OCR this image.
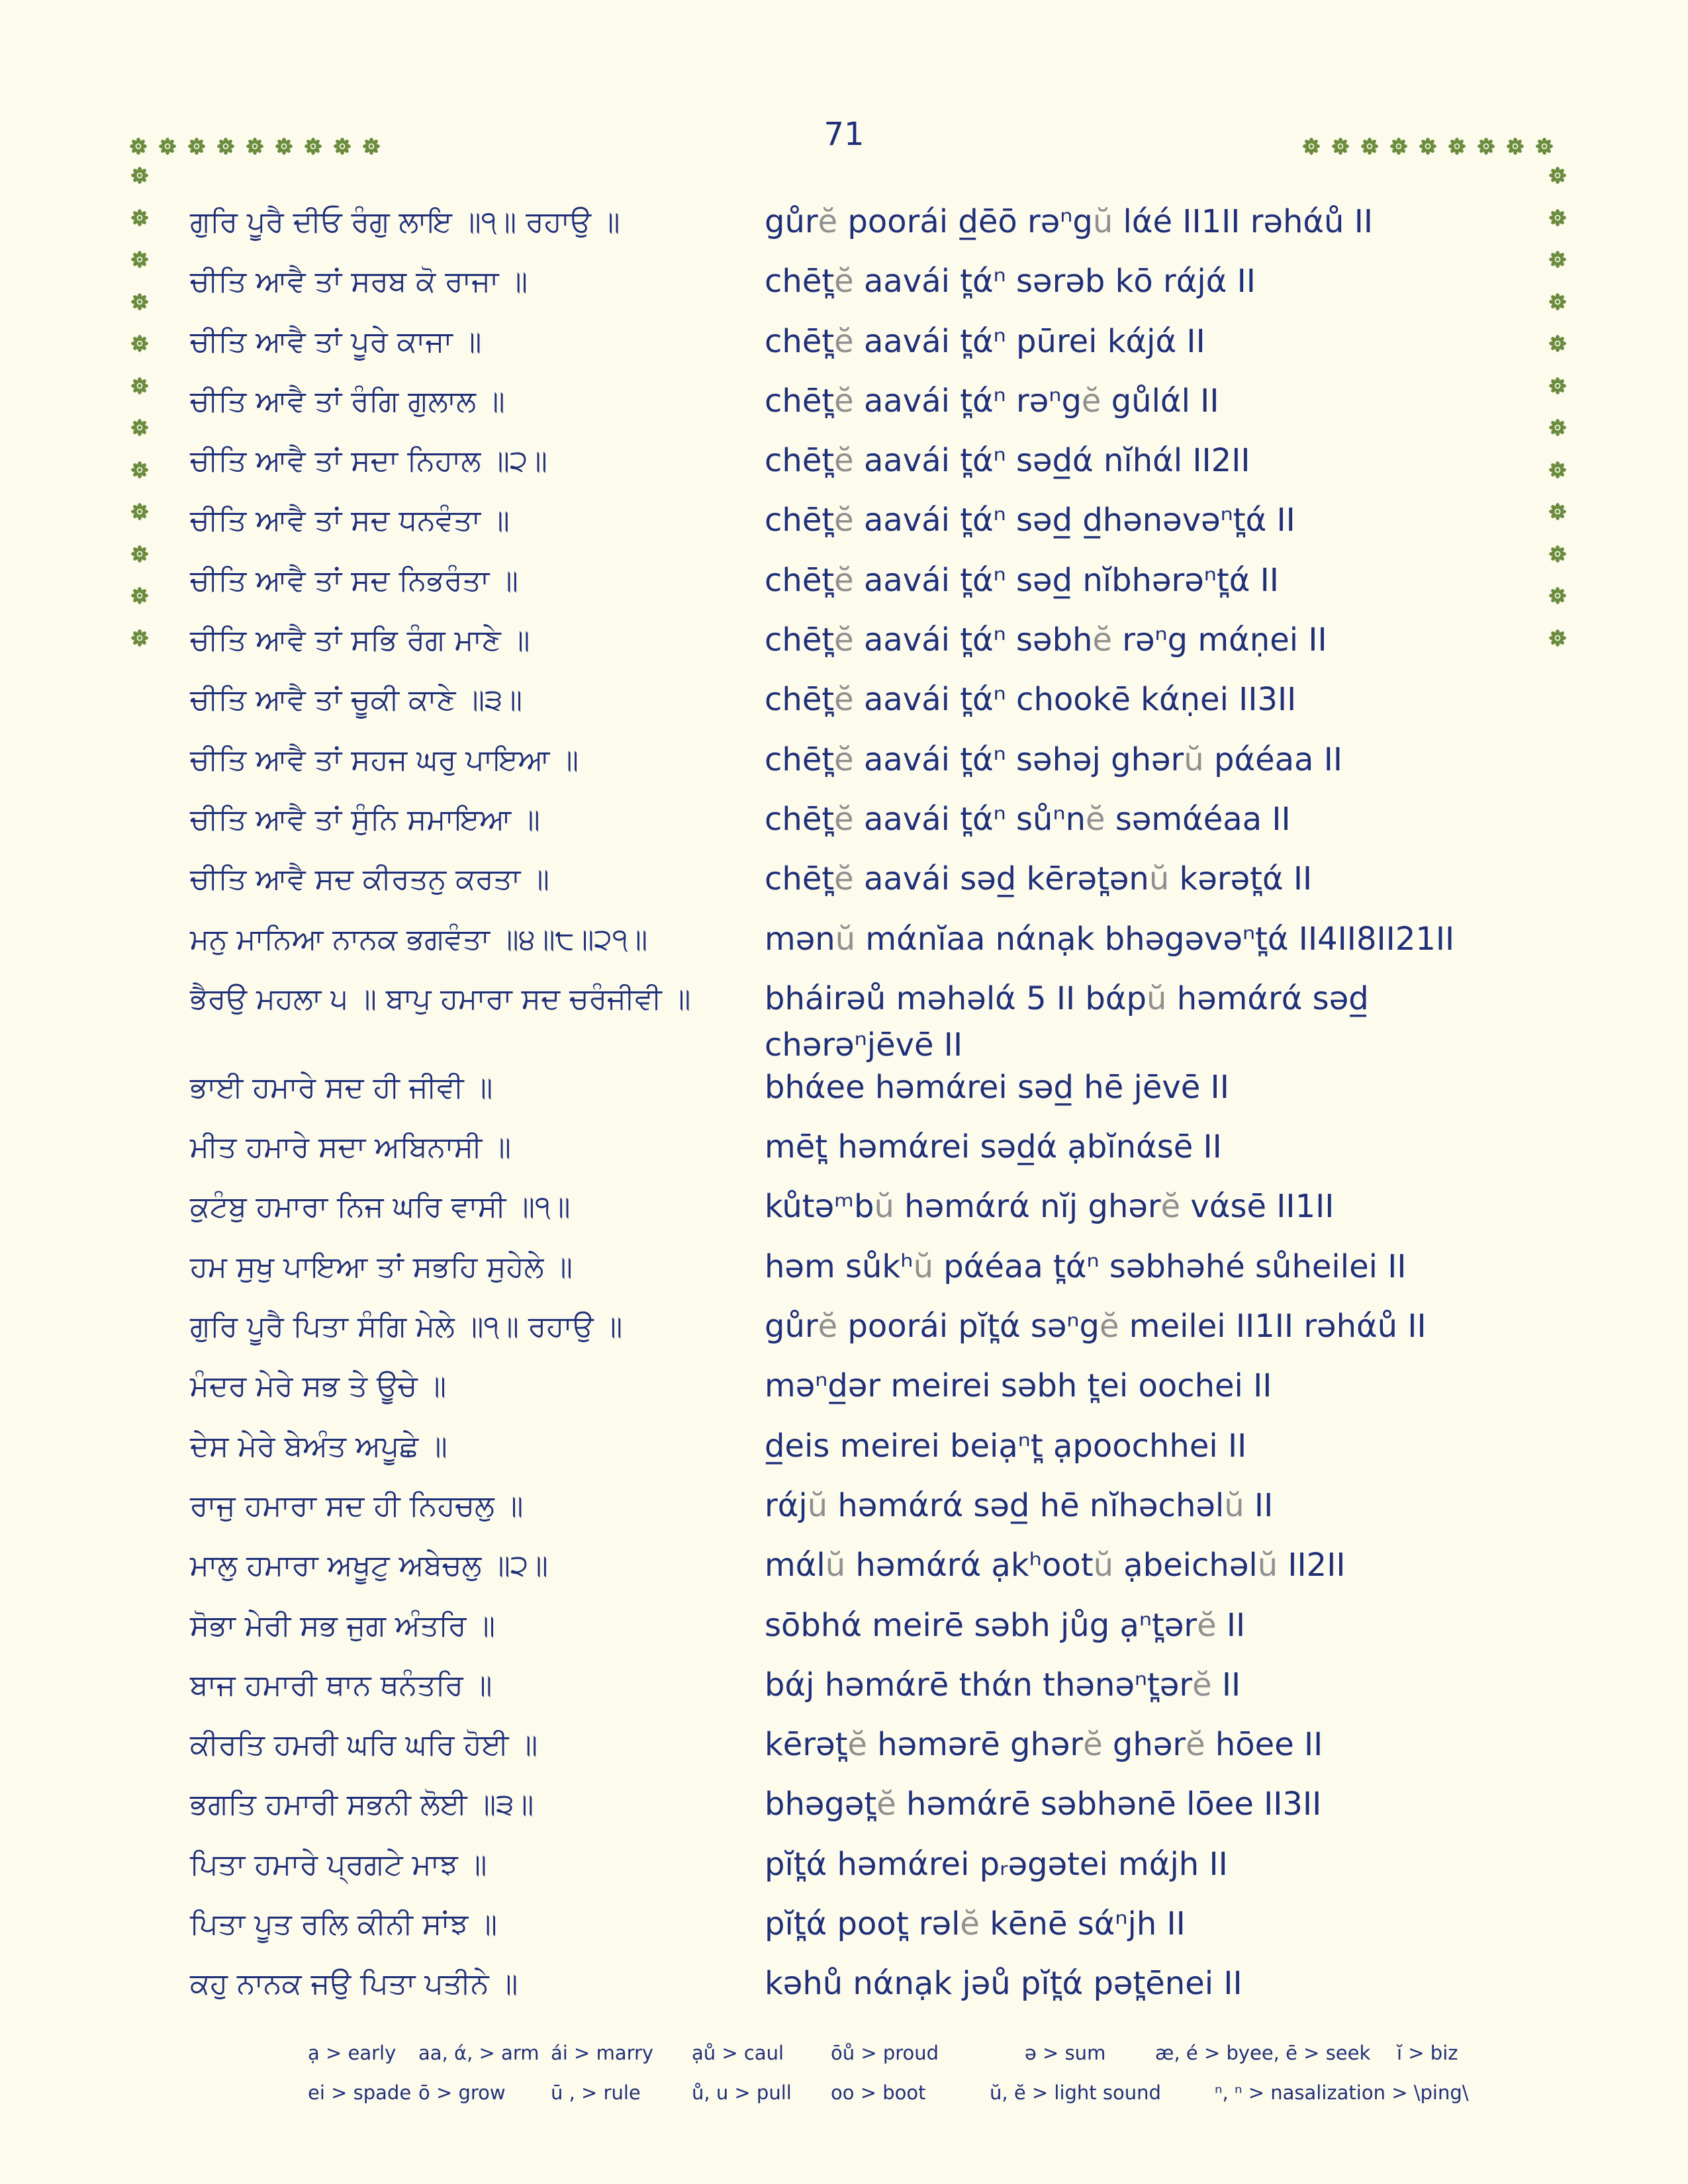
71
ਗੁਰਿ ਪੂਰੈ ਦੀਓ ਰੰਗੁ ਲਾਇ ॥੧॥ ਰਹਾਉ ॥	gůrĕ poorái d̲ēō rəⁿgŭ lάé II1II rəhάů II
ਚੀਤਿ ਆਵੈ ਤਾਂ ਸਰਬ ਕੋ ਰਾਜਾ ॥	chēt̪ĕ aavái t̪άⁿ sərəb kō rάjά II
ਚੀਤਿ ਆਵੈ ਤਾਂ ਪੂਰੇ ਕਾਜਾ ॥	chēt̪ĕ aavái t̪άⁿ pūrei kάjά II
ਚੀਤਿ ਆਵੈ ਤਾਂ ਰੰਗਿ ਗੁਲਾਲ ॥	chēt̪ĕ aavái t̪άⁿ rəⁿgĕ gůlάl II
ਚੀਤਿ ਆਵੈ ਤਾਂ ਸਦਾ ਨਿਹਾਲ ॥੨॥	chēt̪ĕ aavái t̪άⁿ səd̲ά nĭhάl II2II
ਚੀਤਿ ਆਵੈ ਤਾਂ ਸਦ ਧਨਵੰਤਾ ॥	chēt̪ĕ aavái t̪άⁿ səd̲ d̲hənəvəⁿt̪ά II
ਚੀਤਿ ਆਵੈ ਤਾਂ ਸਦ ਨਿਭਰੰਤਾ ॥	chēt̪ĕ aavái t̪άⁿ səd̲ nĭbhərəⁿt̪ά II
ਚੀਤਿ ਆਵੈ ਤਾਂ ਸਭਿ ਰੰਗ ਮਾਣੇ ॥	chēt̪ĕ aavái t̪άⁿ səbhĕ rəⁿg mάṇei II
ਚੀਤਿ ਆਵੈ ਤਾਂ ਚੂਕੀ ਕਾਣੇ ॥੩॥	chēt̪ĕ aavái t̪άⁿ chookē kάṇei II3II
ਚੀਤਿ ਆਵੈ ਤਾਂ ਸਹਜ ਘਰੁ ਪਾਇਆ ॥	chēt̪ĕ aavái t̪άⁿ səhəj ghərŭ pάéaa II
ਚੀਤਿ ਆਵੈ ਤਾਂ ਸੁੰਨਿ ਸਮਾਇਆ ॥	chēt̪ĕ aavái t̪άⁿ sůⁿnĕ səmάéaa II
ਚੀਤਿ ਆਵੈ ਸਦ ਕੀਰਤਨੁ ਕਰਤਾ ॥	chēt̪ĕ aavái səd̲ kērət̪ənŭ kərət̪ά II
ਮਨੁ ਮਾਨਿਆ ਨਾਨਕ ਭਗਵੰਤਾ ॥੪॥੮॥੨੧॥	mənŭ mάnĭaa nάnạk bhəgəvəⁿt̪ά II4II8II21II
ਭੈਰਉ ਮਹਲਾ ੫ ॥ ਬਾਪੁ ਹਮਾਰਾ ਸਦ ਚਰੰਜੀਵੀ ॥	bháirəů məhəlά 5 II bάpŭ həmάrά səd̲ chərəⁿjēvē II
ਭਾਈ ਹਮਾਰੇ ਸਦ ਹੀ ਜੀਵੀ ॥	bhάee həmάrei səd̲ hē jēvē II
ਮੀਤ ਹਮਾਰੇ ਸਦਾ ਅਬਿਨਾਸੀ ॥	mēt̪ həmάrei səd̲ά ạbĭnάsē II
ਕੁਟੰਬੁ ਹਮਾਰਾ ਨਿਜ ਘਰਿ ਵਾਸੀ ॥੧॥	kůtəᵐbŭ həmάrά nĭj ghərĕ vάsē II1II
ਹਮ ਸੁਖੁ ਪਾਇਆ ਤਾਂ ਸਭਹਿ ਸੁਹੇਲੇ ॥	həm sůkʰŭ pάéaa t̪άⁿ səbhəhé sůheilei II
ਗੁਰਿ ਪੂਰੈ ਪਿਤਾ ਸੰਗਿ ਮੇਲੇ ॥੧॥ ਰਹਾਉ ॥	gůrĕ poorái pĭt̪ά səⁿgĕ meilei II1II rəhάů II
ਮੰਦਰ ਮੇਰੇ ਸਭ ਤੇ ਊਚੇ ॥	məⁿd̲ər meirei səbh t̪ei oochei II
ਦੇਸ ਮੇਰੇ ਬੇਅੰਤ ਅਪੂਛੇ ॥	d̲eis meirei beiạⁿt̪ ạpoochhei II
ਰਾਜੁ ਹਮਾਰਾ ਸਦ ਹੀ ਨਿਹਚਲੁ ॥	rάjŭ həmάrά səd̲ hē nĭhəchəlŭ II
ਮਾਲੁ ਹਮਾਰਾ ਅਖੂਟੁ ਅਬੇਚਲੁ ॥੨॥	mάlŭ həmάrά ạkʰootŭ ạbeichəlŭ II2II
ਸੋਭਾ ਮੇਰੀ ਸਭ ਜੁਗ ਅੰਤਰਿ ॥	sōbhά meirē səbh jůg ạⁿt̪ərĕ II
ਬਾਜ ਹਮਾਰੀ ਥਾਨ ਥਨੰਤਰਿ ॥	bάj həmάrē thάn thənəⁿt̪ərĕ II
ਕੀਰਤਿ ਹਮਰੀ ਘਰਿ ਘਰਿ ਹੋਈ ॥	kērət̪ĕ həmərē ghərĕ ghərĕ hōee II
ਭਗਤਿ ਹਮਾਰੀ ਸਭਨੀ ਲੋਈ ॥੩॥	bhəgət̪ĕ həmάrē səbhənē lōee II3II
ਪਿਤਾ ਹਮਾਰੇ ਪ੍ਰਗਟੇ ਮਾਝ ॥	pĭt̪ά həmάrei pᵣəgətei mάjh II
ਪਿਤਾ ਪੂਤ ਰਲਿ ਕੀਨੀ ਸਾਂਝ ॥	pĭt̪ά poot̪ rəlĕ kēnē sάⁿjh II
ਕਹੁ ਨਾਨਕ ਜਉ ਪਿਤਾ ਪਤੀਨੇ ॥	kəhů nάnạk jəů pĭt̪ά pət̪ēnei II
ạ > early aa, ά, > arm ái > marry ạů > caul ōů > proud	ə > sum	æ, é > bye
ee, ē > seek ĭ > biz
ei > spade ō > grow ū , > rule	ů, u > pull oo > boot	ŭ, ĕ > light sound	ⁿ, ⁿ > nasalization > \ping\
